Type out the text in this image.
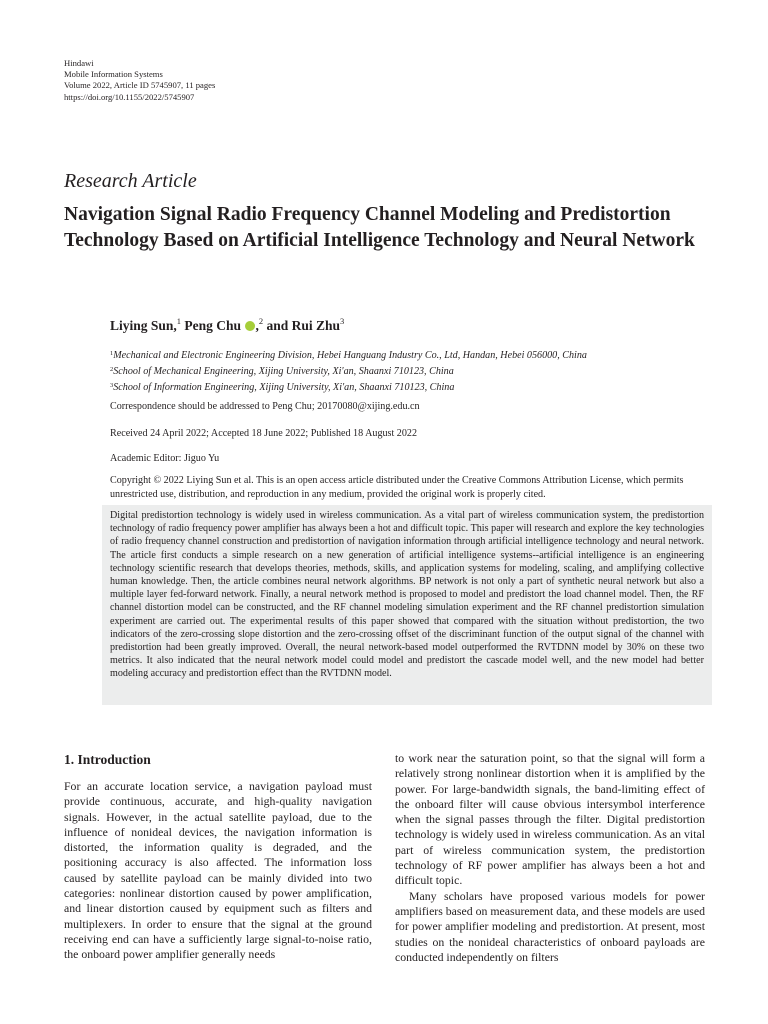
Hindawi
Mobile Information Systems
Volume 2022, Article ID 5745907, 11 pages
https://doi.org/10.1155/2022/5745907
Research Article
Navigation Signal Radio Frequency Channel Modeling and Predistortion Technology Based on Artificial Intelligence Technology and Neural Network
Liying Sun,$^1$ Peng Chu ,$^2$ and Rui Zhu$^3$
$^1$Mechanical and Electronic Engineering Division, Hebei Hanguang Industry Co., Ltd, Handan, Hebei 056000, China
$^2$School of Mechanical Engineering, Xijing University, Xi'an, Shaanxi 710123, China
$^3$School of Information Engineering, Xijing University, Xi'an, Shaanxi 710123, China
Correspondence should be addressed to Peng Chu; 20170080@xijing.edu.cn
Received 24 April 2022; Accepted 18 June 2022; Published 18 August 2022
Academic Editor: Jiguo Yu
Copyright © 2022 Liying Sun et al. This is an open access article distributed under the Creative Commons Attribution License, which permits unrestricted use, distribution, and reproduction in any medium, provided the original work is properly cited.
Digital predistortion technology is widely used in wireless communication. As a vital part of wireless communication system, the predistortion technology of radio frequency power amplifier has always been a hot and difficult topic. This paper will research and explore the key technologies of radio frequency channel construction and predistortion of navigation information through artificial intelligence technology and neural network. The article first conducts a simple research on a new generation of artificial intelligence systems--artificial intelligence is an engineering technology scientific research that develops theories, methods, skills, and application systems for modeling, scaling, and amplifying collective human knowledge. Then, the article combines neural network algorithms. BP network is not only a part of synthetic neural network but also a multiple layer fed-forward network. Finally, a neural network method is proposed to model and predistort the load channel model. Then, the RF channel distortion model can be constructed, and the RF channel modeling simulation experiment and the RF channel predistortion simulation experiment are carried out. The experimental results of this paper showed that compared with the situation without predistortion, the two indicators of the zero-crossing slope distortion and the zero-crossing offset of the discriminant function of the output signal of the channel with predistortion had been greatly improved. Overall, the neural network-based model outperformed the RVTDNN model by 30% on these two metrics. It also indicated that the neural network model could model and predistort the cascade model well, and the new model had better modeling accuracy and predistortion effect than the RVTDNN model.
1. Introduction

For an accurate location service, a navigation payload must provide continuous, accurate, and high-quality navigation signals. However, in the actual satellite payload, due to the influence of nonideal devices, the navigation information is distorted, the information quality is degraded, and the positioning accuracy is also affected. The information loss caused by satellite payload can be mainly divided into two categories: nonlinear distortion caused by power amplification, and linear distortion caused by equipment such as filters and multiplexers. In order to ensure that the signal at the ground receiving end can have a sufficiently large signal-to-noise ratio, the onboard power amplifier generally needs

to work near the saturation point, so that the signal will form a relatively strong nonlinear distortion when it is amplified by the power. For large-bandwidth signals, the band-limiting effect of the onboard filter will cause obvious intersymbol interference when the signal passes through the filter. Digital predistortion technology is widely used in wireless communication. As an vital part of wireless communication system, the predistortion technology of RF power amplifier has always been a hot and difficult topic.

Many scholars have proposed various models for power amplifiers based on measurement data, and these models are used for power amplifier modeling and predistortion. At present, most studies on the nonideal characteristics of onboard payloads are conducted independently on filters
